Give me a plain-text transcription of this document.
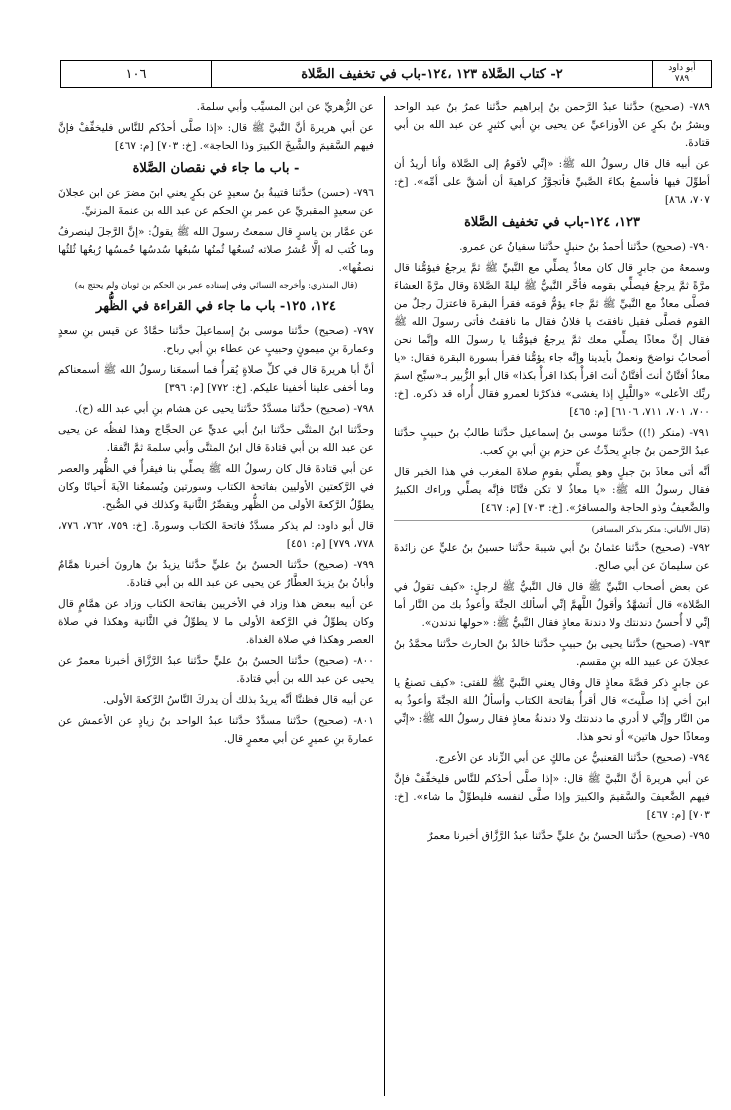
أبو داود
٧٨٩
٢- كتاب الصَّلاة ١٢٣ ،١٢٤-باب في تخفيف الصَّلاة
١٠٦
٧٨٩- (صحيح) حدَّثنا عبدُ الرَّحمن بنُ إبراهيم حدَّثنا عمرُ بنُ عبد الواحد وبشرُ بنُ بكرٍ عن الأوزاعيِّ عن يحيى بنِ أبي كثيرٍ عن عبد الله بن أبي قتادةَ.
عن أبيه قال قال رسولُ الله ﷺ: «إنِّي لأقومُ إلى الصَّلاة وأنا أريدُ أن أطوِّلَ فيها فأسمعُ بكاءَ الصَّبيِّ فأتجوَّزُ كراهيةَ أن أشقَّ على أمِّه». [خ: ٧٠٧، ٨٦٨]
١٢٣، ١٢٤-باب في تخفيف الصَّلاة
٧٩٠- (صحيح) حدَّثنا أحمدُ بنُ حنبلٍ حدَّثنا سفيانُ عن عمرو.
وسمعهُ من جابرٍ قال كان معاذٌ يصلِّي مع النَّبيِّ ﷺ ثمَّ يرجعُ فيؤمُّنا قال مرَّةً ثمَّ يرجعُ فيصلِّي بقومه فأخَّر النَّبيُّ ﷺ ليلةً الصَّلاةَ وقال مرَّةً العشاءَ فصلَّى معاذٌ مع النَّبيِّ ﷺ ثمَّ جاء يؤمُّ قومَه فقرأ البقرةَ فاعتزلَ رجلٌ من القوم فصلَّى فقيل نافقتَ يا فلانُ فقال ما نافقتُ فأتى رسولَ الله ﷺ فقال إنَّ معاذًا يصلِّي معك ثمَّ يرجعُ فيؤمُّنا يا رسولَ الله وإنَّما نحن أصحابُ نواضحَ ونعملُ بأيدينا وإنَّه جاء يؤمُّنا فقرأ بسورة البقرة فقال: «يا معاذُ أفتَّانٌ أنتَ أفتَّانٌ أنتَ اقرأْ بكذا اقرأْ بكذا» قال أبو الزُّبير بـ«سبِّح اسمَ ربِّك الأعلى» «واللَّيلِ إذا يغشى» فذكرْنا لعمرو فقال أُراه قد ذكره. [خ: ٧٠٠، ٧٠١، ٧١١، ٦١٠٦] [م: ٤٦٥]
٧٩١- (منكر (!)) حدَّثنا موسى بنُ إسماعيل حدَّثنا طالبُ بنُ حبيبٍ حدَّثنا عبدُ الرَّحمن بنُ جابرٍ يحدِّثُ عن حزم بنِ أبي بنِ كعب.
أنَّه أتى معاذَ بنَ جبلٍ وهو يصلِّي بقومٍ صلاةَ المغرب في هذا الخبر قال فقال رسولُ الله ﷺ: «يا معاذُ لا تكن فتَّانًا فإنَّه يصلِّي وراءك الكبيرُ والضَّعيفُ وذو الحاجة والمسافرُ». [خ: ٧٠٣] [م: ٤٦٧]
(قال الألباني: منكر بذكر المسافر)
٧٩٢- (صحيح) حدَّثنا عثمانُ بنُ أبي شيبةَ حدَّثنا حسينُ بنُ عليٍّ عن زائدةَ عن سليمانَ عن أبي صالح.
عن بعض أصحاب النَّبيِّ ﷺ قال قال النَّبيُّ ﷺ لرجلٍ: «كيف تقولُ في الصَّلاة» قال أتشهَّدُ وأقولُ اللَّهمَّ إنِّي أسألك الجنَّةَ وأعوذُ بك من النَّار أما إنِّي لا أُحسنُ دندنتك ولا دندنةَ معاذٍ فقال النَّبيُّ ﷺ: «حولها ندندن».
٧٩٣- (صحيح) حدَّثنا يحيى بنُ حبيبٍ حدَّثنا خالدُ بنُ الحارث حدَّثنا محمَّدُ بنُ عجلانَ عن عبيد الله بنِ مقسم.
عن جابرٍ ذكر قصَّةَ معاذٍ قال وقال يعني النَّبيَّ ﷺ للفتى: «كيف تصنعُ يا ابنَ أخي إذا صلَّيتَ» قال أقرأُ بفاتحة الكتاب وأسألُ اللهَ الجنَّةَ وأعوذُ به من النَّار وإنِّي لا أدري ما دندنتك ولا دندنةُ معاذٍ فقال رسولُ الله ﷺ: «إنِّي ومعاذًا حول هاتين» أو نحو هذا.
٧٩٤- (صحيح) حدَّثنا القعنبيُّ عن مالكٍ عن أبي الزِّناد عن الأعرج.
عن أبي هريرةَ أنَّ النَّبيَّ ﷺ قال: «إذا صلَّى أحدُكم للنَّاس فليخفِّفْ فإنَّ فيهم الضَّعيفَ والسَّقيمَ والكبيرَ وإذا صلَّى لنفسه فليطوِّلْ ما شاء». [خ: ٧٠٣] [م: ٤٦٧]
٧٩٥- (صحيح) حدَّثنا الحسنُ بنُ عليٍّ حدَّثنا عبدُ الرَّزَّاق أخبرنا معمرٌ
عن الزُّهريِّ عن ابن المسيِّب وأبي سلمةَ.
عن أبي هريرةَ أنَّ النَّبيَّ ﷺ قال: «إذا صلَّى أحدُكم للنَّاس فليخفِّفْ فإنَّ فيهم السَّقيمَ والشَّيخَ الكبيرَ وذا الحاجة». [خ: ٧٠٣] [م: ٤٦٧]
- باب ما جاء في نقصان الصَّلاة
٧٩٦- (حسن) حدَّثنا قتيبةُ بنُ سعيدٍ عن بكرٍ يعني ابنَ مضرَ عن ابن عجلانَ عن سعيدٍ المقبريِّ عن عمر بنِ الحكم عن عبد الله بن عنمةَ المزنيِّ.
عن عمَّار بن ياسرٍ قال سمعتُ رسولَ الله ﷺ يقولُ: «إنَّ الرَّجلَ لينصرفُ وما كُتب له إلَّا عُشرُ صلاته تُسعُها ثُمنُها سُبعُها سُدسُها خُمسُها رُبعُها ثُلثُها نصفُها».
(قال المنذري: وأخرجه النسائي وفي إسناده عمر بن الحكم بن ثوبان ولم يحتج به)
١٢٤، ١٢٥- باب ما جاء في القراءة في الظُّهر
٧٩٧- (صحيح) حدَّثنا موسى بنُ إسماعيلَ حدَّثنا حمَّادٌ عن قيس بنِ سعدٍ وعمارةَ بنِ ميمونٍ وحبيبٍ عن عطاء بنِ أبي رباح.
أنَّ أبا هريرةَ قال في كلِّ صلاةٍ يُقرأُ فما أسمعَنا رسولُ الله ﷺ أسمعناكم وما أخفى علينا أخفينا عليكم. [خ: ٧٧٢] [م: ٣٩٦]
٧٩٨- (صحيح) حدَّثنا مسدَّدٌ حدَّثنا يحيى عن هشام بنِ أبي عبد الله (ح).
وحدَّثنا ابنُ المثنَّى حدَّثنا ابنُ أبي عديٍّ عن الحجَّاج وهذا لفظُه عن يحيى عن عبد الله بن أبي قتادةَ قال ابنُ المثنَّى وأبي سلمةَ ثمَّ اتَّفقا.
عن أبي قتادةَ قال كان رسولُ الله ﷺ يصلِّي بنا فيقرأُ في الظُّهر والعصر في الرَّكعتين الأوليين بفاتحة الكتاب وسورتين ويُسمعُنا الآيةَ أحيانًا وكان يطوِّلُ الرَّكعةَ الأولى من الظُّهر ويقصِّرُ الثَّانيةَ وكذلك في الصُّبح.
قال أبو داود: لم يذكر مسدَّدٌ فاتحةَ الكتاب وسورةً. [خ: ٧٥٩، ٧٦٢، ٧٧٦، ٧٧٨، ٧٧٩] [م: ٤٥١]
٧٩٩- (صحيح) حدَّثنا الحسنُ بنُ عليٍّ حدَّثنا يزيدُ بنُ هارونَ أخبرنا همَّامٌ وأبانُ بنُ يزيدَ العطَّارُ عن يحيى عن عبد الله بن أبي قتادةَ.
عن أبيه ببعض هذا وزاد في الأخريين بفاتحة الكتاب وزاد عن همَّامٍ قال وكان يطوِّلُ في الرَّكعة الأولى ما لا يطوِّلُ في الثَّانية وهكذا في صلاة العصر وهكذا في صلاة الغداة.
٨٠٠- (صحيح) حدَّثنا الحسنُ بنُ عليٍّ حدَّثنا عبدُ الرَّزَّاق أخبرنا معمرٌ عن يحيى عن عبد الله بن أبي قتادةَ.
عن أبيه قال فظننَّا أنَّه يريدُ بذلك أن يدركَ النَّاسُ الرَّكعةَ الأولى.
٨٠١- (صحيح) حدَّثنا مسدَّدٌ حدَّثنا عبدُ الواحد بنُ زيادٍ عن الأعمش عن عمارةَ بنِ عميرٍ عن أبي معمرٍ قال.
